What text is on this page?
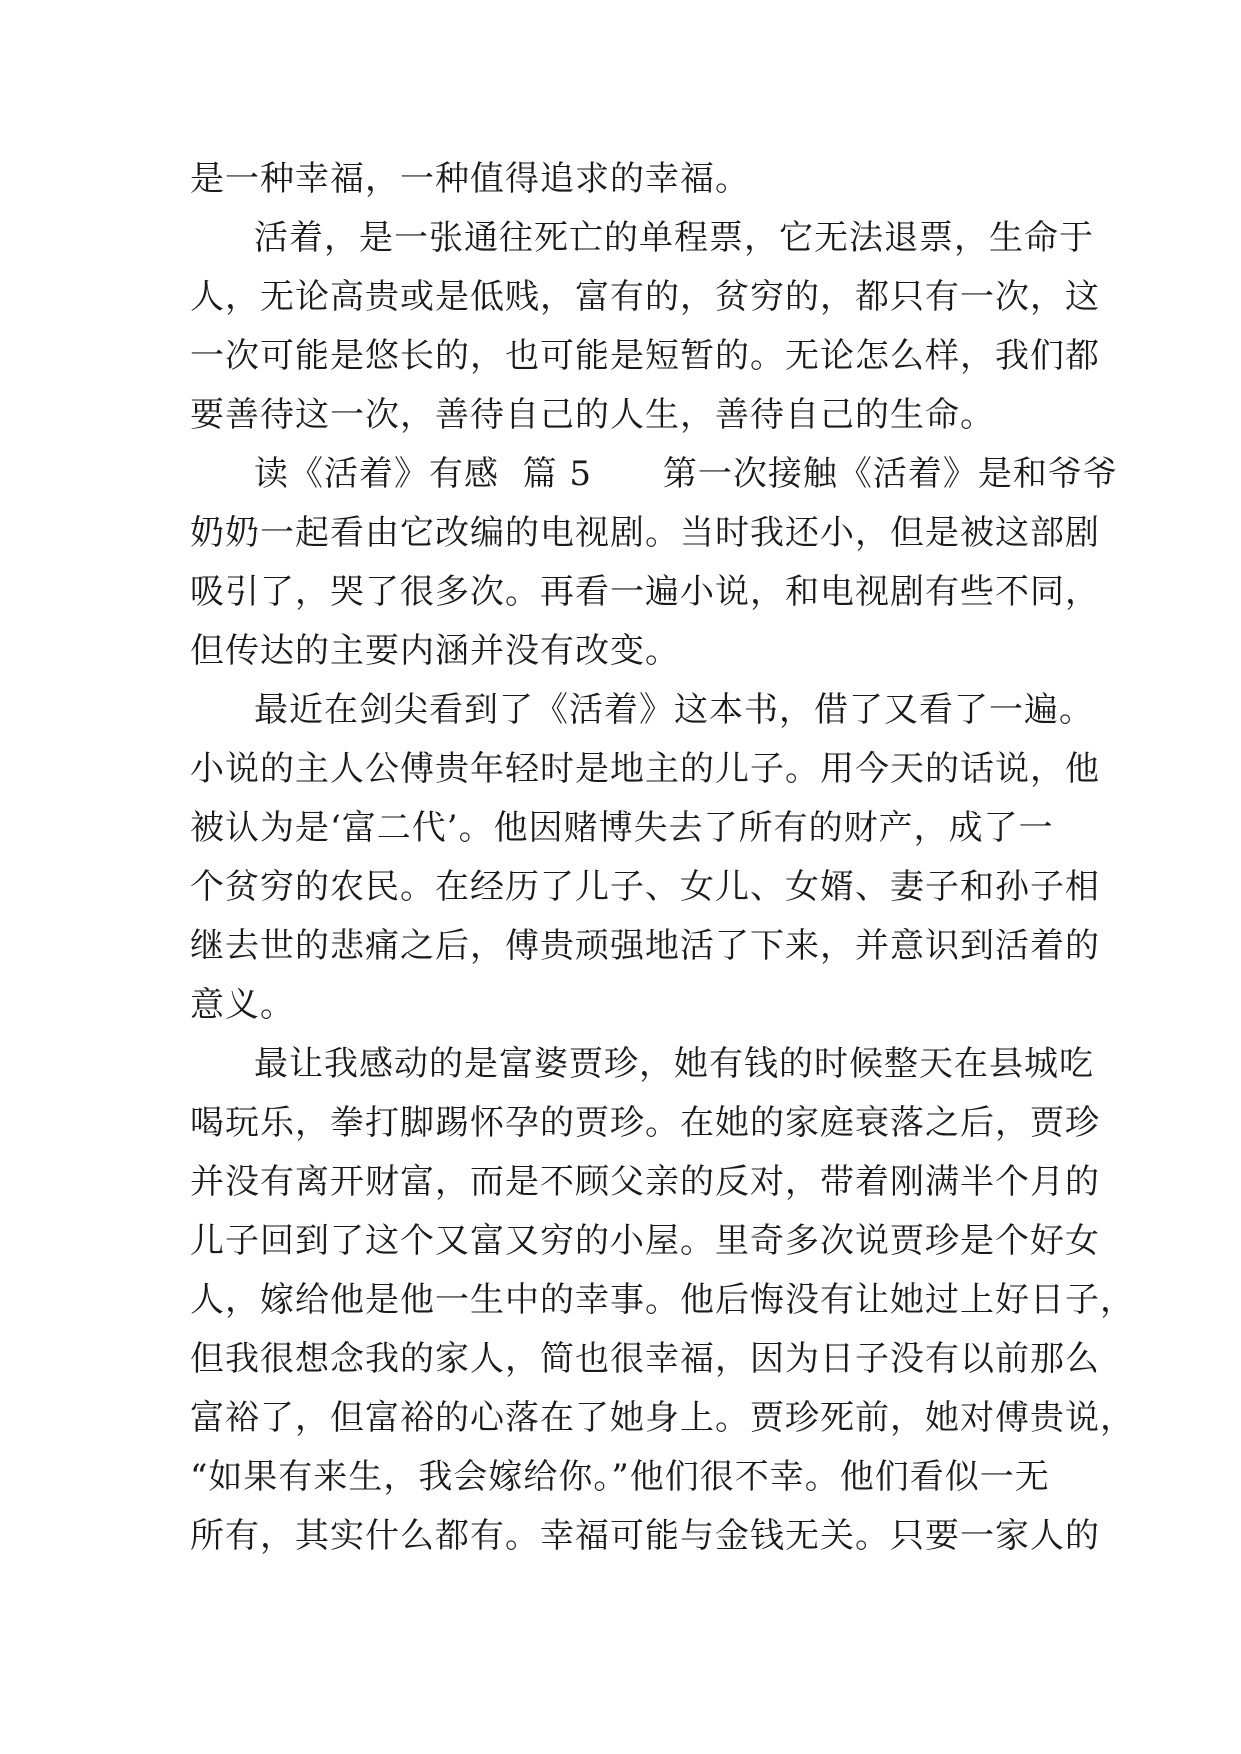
是一种幸福，一种值得追求的幸福。
活着，是一张通往死亡的单程票，它无法退票，生命于
人，无论高贵或是低贱，富有的，贫穷的，都只有一次，这
一次可能是悠长的，也可能是短暂的。无论怎么样，我们都
要善待这一次，善待自己的人生，善待自己的生命。
读《活着》有感  篇 5      第一次接触《活着》是和爷爷
奶奶一起看由它改编的电视剧。当时我还小，但是被这部剧
吸引了，哭了很多次。再看一遍小说，和电视剧有些不同，
但传达的主要内涵并没有改变。
最近在剑尖看到了《活着》这本书，借了又看了一遍。
小说的主人公傅贵年轻时是地主的儿子。用今天的话说，他
被认为是‘富二代’。他因赌博失去了所有的财产，成了一
个贫穷的农民。在经历了儿子、女儿、女婿、妻子和孙子相
继去世的悲痛之后，傅贵顽强地活了下来，并意识到活着的
意义。
最让我感动的是富婆贾珍，她有钱的时候整天在县城吃
喝玩乐，拳打脚踢怀孕的贾珍。在她的家庭衰落之后，贾珍
并没有离开财富，而是不顾父亲的反对，带着刚满半个月的
儿子回到了这个又富又穷的小屋。里奇多次说贾珍是个好女
人，嫁给他是他一生中的幸事。他后悔没有让她过上好日子，
但我很想念我的家人，简也很幸福，因为日子没有以前那么
富裕了，但富裕的心落在了她身上。贾珍死前，她对傅贵说，
“如果有来生，我会嫁给你。”他们很不幸。他们看似一无
所有，其实什么都有。幸福可能与金钱无关。只要一家人的
